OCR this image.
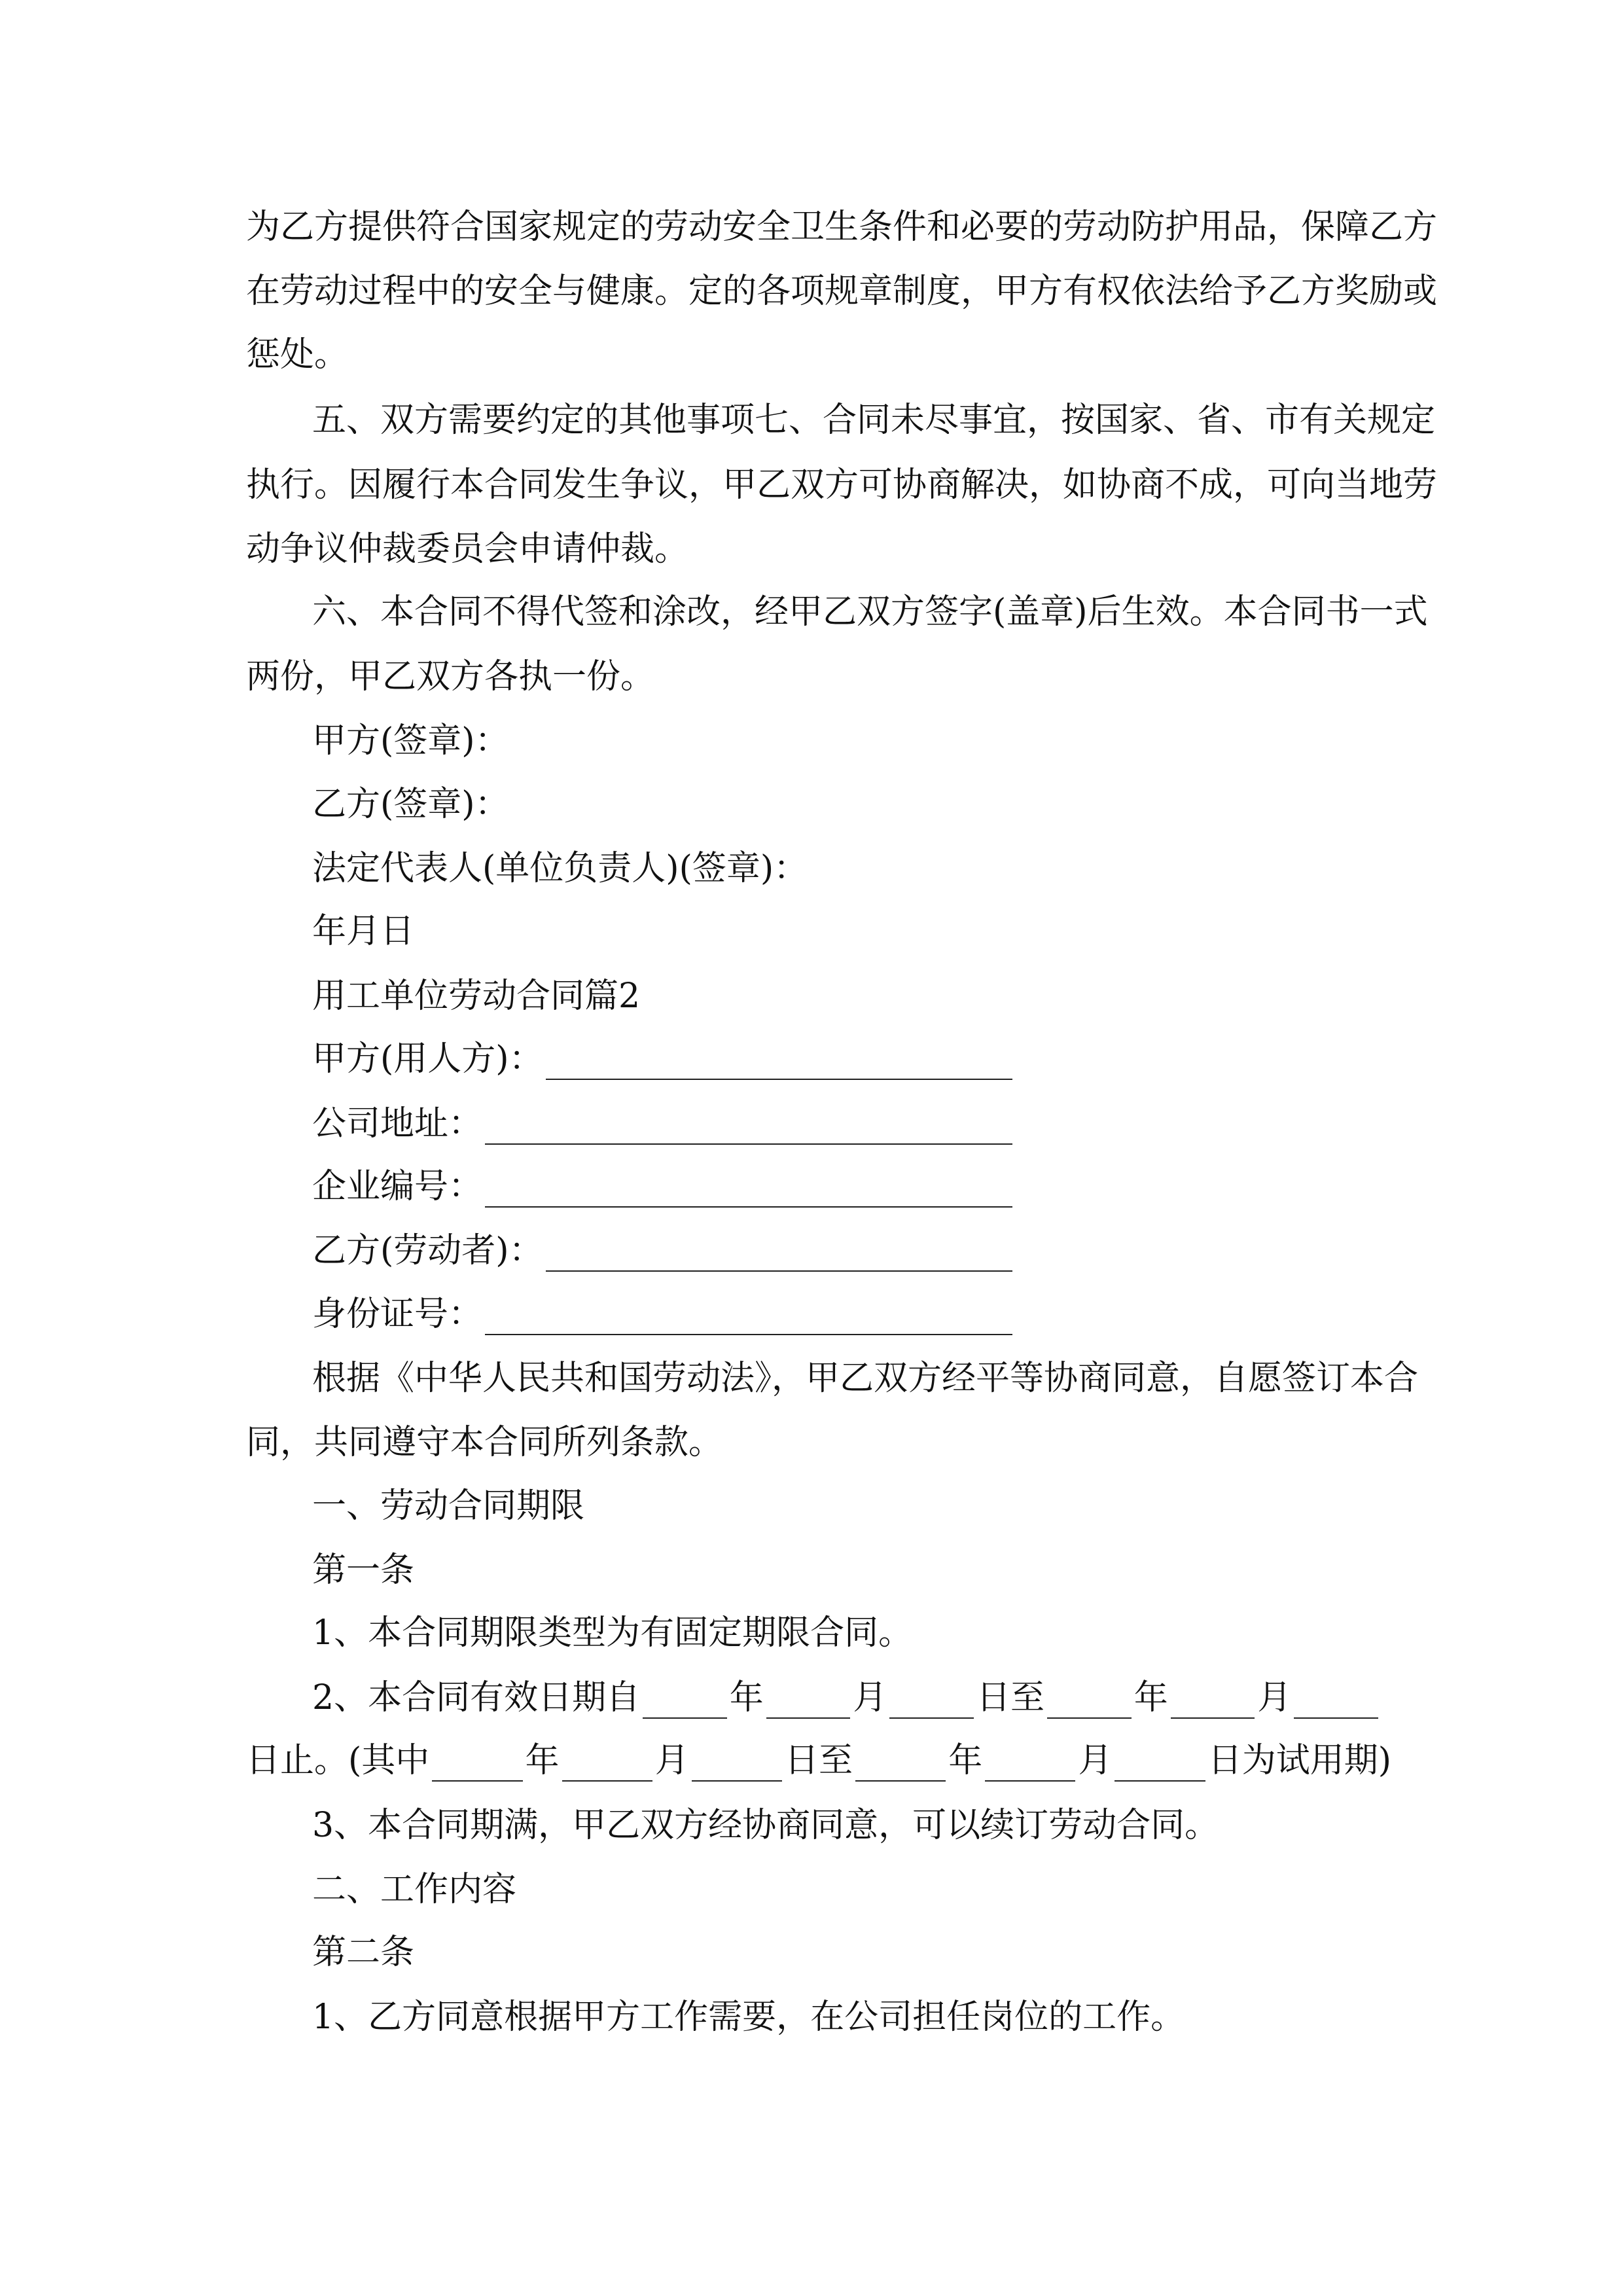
为乙方提供符合国家规定的劳动安全卫生条件和必要的劳动防护用品，保障乙方
在劳动过程中的安全与健康。定的各项规章制度，甲方有权依法给予乙方奖励或
惩处。
五、双方需要约定的其他事项七、合同未尽事宜，按国家、省、市有关规定
执行。因履行本合同发生争议，甲乙双方可协商解决，如协商不成，可向当地劳
动争议仲裁委员会申请仲裁。
六、本合同不得代签和涂改，经甲乙双方签字(盖章)后生效。本合同书一式
两份，甲乙双方各执一份。
甲方(签章)：
乙方(签章)：
法定代表人(单位负责人)(签章)：
年月日
用工单位劳动合同篇2
甲方(用人方)：
公司地址：
企业编号：
乙方(劳动者)：
身份证号：
根据《中华人民共和国劳动法》，甲乙双方经平等协商同意，自愿签订本合
同，共同遵守本合同所列条款。
一、劳动合同期限
第一条
1、本合同期限类型为有固定期限合同。
2、本合同有效日期自	年	月	日至	年	月
日止。(其中	年	月	日至	年	月	日为试用期)
3、本合同期满，甲乙双方经协商同意，可以续订劳动合同。
二、工作内容
第二条
1、乙方同意根据甲方工作需要，在公司担任岗位的工作。
